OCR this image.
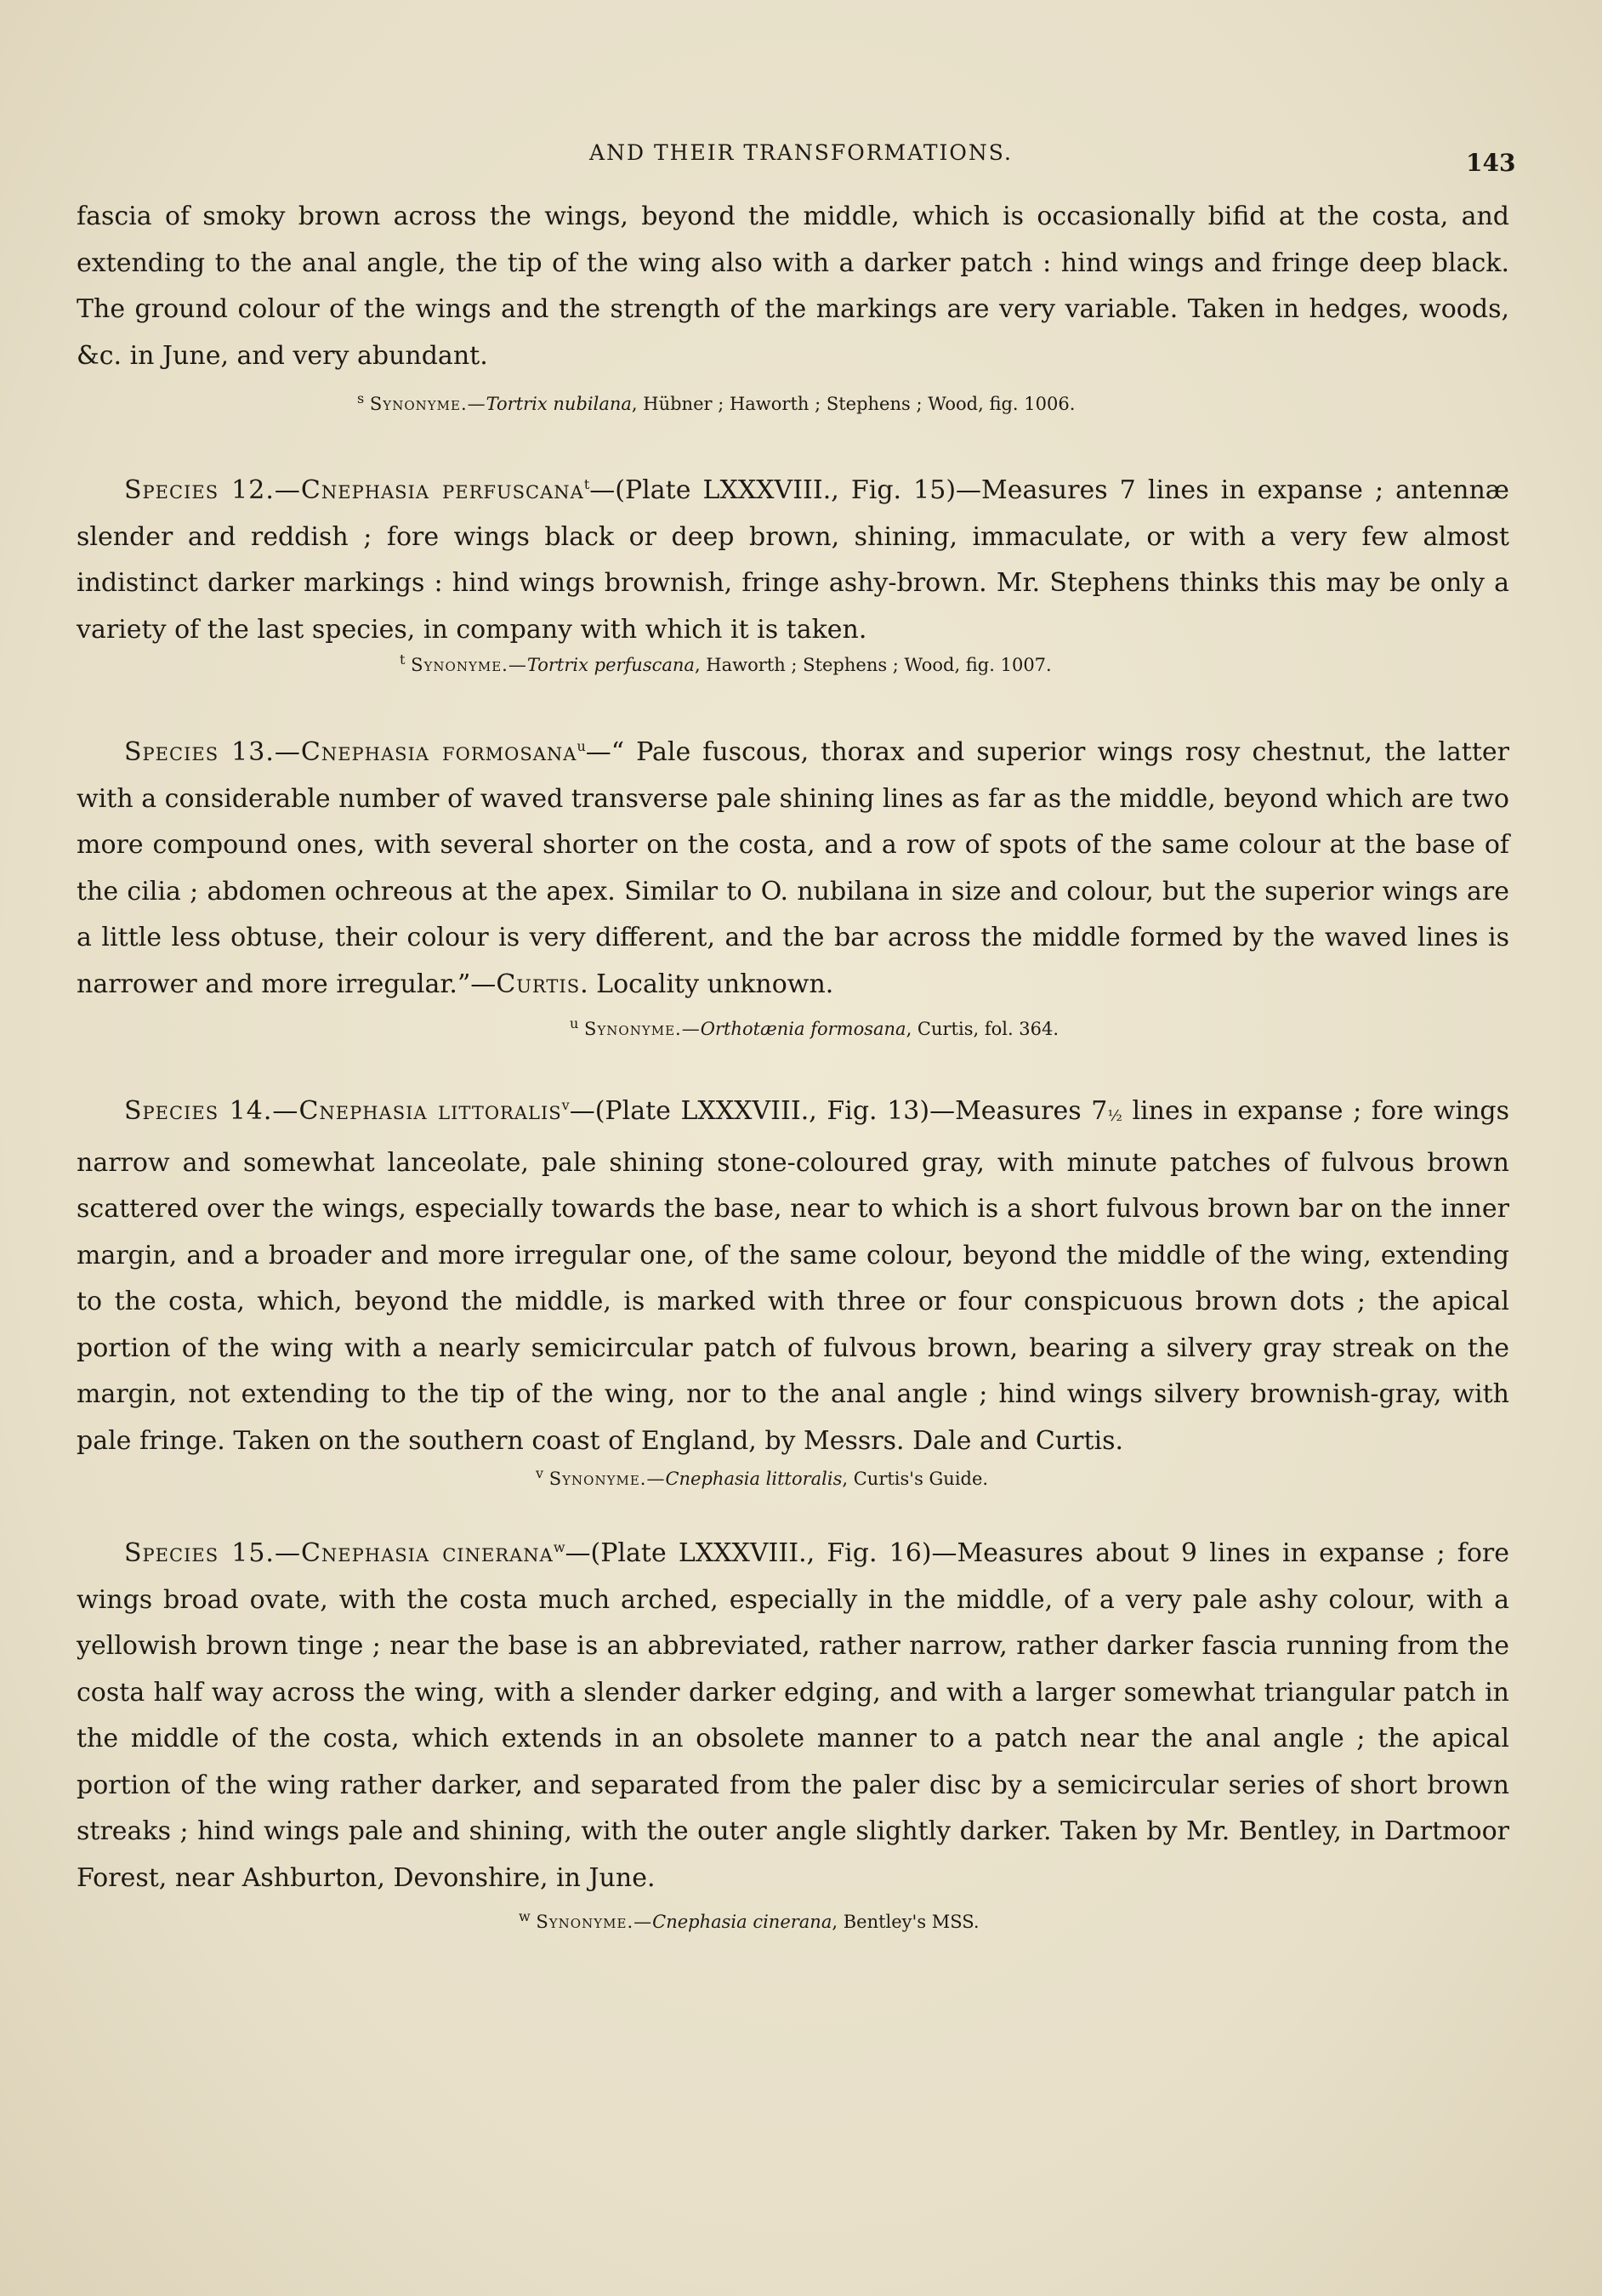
AND THEIR TRANSFORMATIONS.	143

fascia of smoky brown across the wings, beyond the middle, which is occasionally bifid at the costa, and extending to the anal angle, the tip of the wing also with a darker patch : hind wings and fringe deep black. The ground colour of the wings and the strength of the markings are very variable. Taken in hedges, woods, &c. in June, and very abundant.

$^s$ Synonyme.—Tortrix nubilana, Hübner ; Haworth ; Stephens ; Wood, fig. 1006.

Species 12.—Cnephasia perfuscana$^t$—(Plate LXXXVIII., Fig. 15)—Measures 7 lines in expanse ; antennæ slender and reddish ; fore wings black or deep brown, shining, immaculate, or with a very few almost indistinct darker markings : hind wings brownish, fringe ashy-brown. Mr. Stephens thinks this may be only a variety of the last species, in company with which it is taken.

$^t$ Synonyme.—Tortrix perfuscana, Haworth ; Stephens ; Wood, fig. 1007.

Species 13.—Cnephasia formosana$^u$—“ Pale fuscous, thorax and superior wings rosy chestnut, the latter with a considerable number of waved transverse pale shining lines as far as the middle, beyond which are two more compound ones, with several shorter on the costa, and a row of spots of the same colour at the base of the cilia ; abdomen ochreous at the apex. Similar to O. nubilana in size and colour, but the superior wings are a little less obtuse, their colour is very different, and the bar across the middle formed by the waved lines is narrower and more irregular.”—Curtis. Locality unknown.

$^u$ Synonyme.—Orthotænia formosana, Curtis, fol. 364.

Species 14.—Cnephasia littoralis$^v$—(Plate LXXXVIII., Fig. 13)—Measures 7½ lines in expanse ; fore wings narrow and somewhat lanceolate, pale shining stone-coloured gray, with minute patches of fulvous brown scattered over the wings, especially towards the base, near to which is a short fulvous brown bar on the inner margin, and a broader and more irregular one, of the same colour, beyond the middle of the wing, extending to the costa, which, beyond the middle, is marked with three or four conspicuous brown dots ; the apical portion of the wing with a nearly semicircular patch of fulvous brown, bearing a silvery gray streak on the margin, not extending to the tip of the wing, nor to the anal angle ; hind wings silvery brownish-gray, with pale fringe. Taken on the southern coast of England, by Messrs. Dale and Curtis.

$^v$ Synonyme.—Cnephasia littoralis, Curtis's Guide.

Species 15.—Cnephasia cinerana$^w$—(Plate LXXXVIII., Fig. 16)—Measures about 9 lines in expanse ; fore wings broad ovate, with the costa much arched, especially in the middle, of a very pale ashy colour, with a yellowish brown tinge ; near the base is an abbreviated, rather narrow, rather darker fascia running from the costa half way across the wing, with a slender darker edging, and with a larger somewhat triangular patch in the middle of the costa, which extends in an obsolete manner to a patch near the anal angle ; the apical portion of the wing rather darker, and separated from the paler disc by a semicircular series of short brown streaks ; hind wings pale and shining, with the outer angle slightly darker. Taken by Mr. Bentley, in Dartmoor Forest, near Ashburton, Devonshire, in June.

$^w$ Synonyme.—Cnephasia cinerana, Bentley's MSS.
